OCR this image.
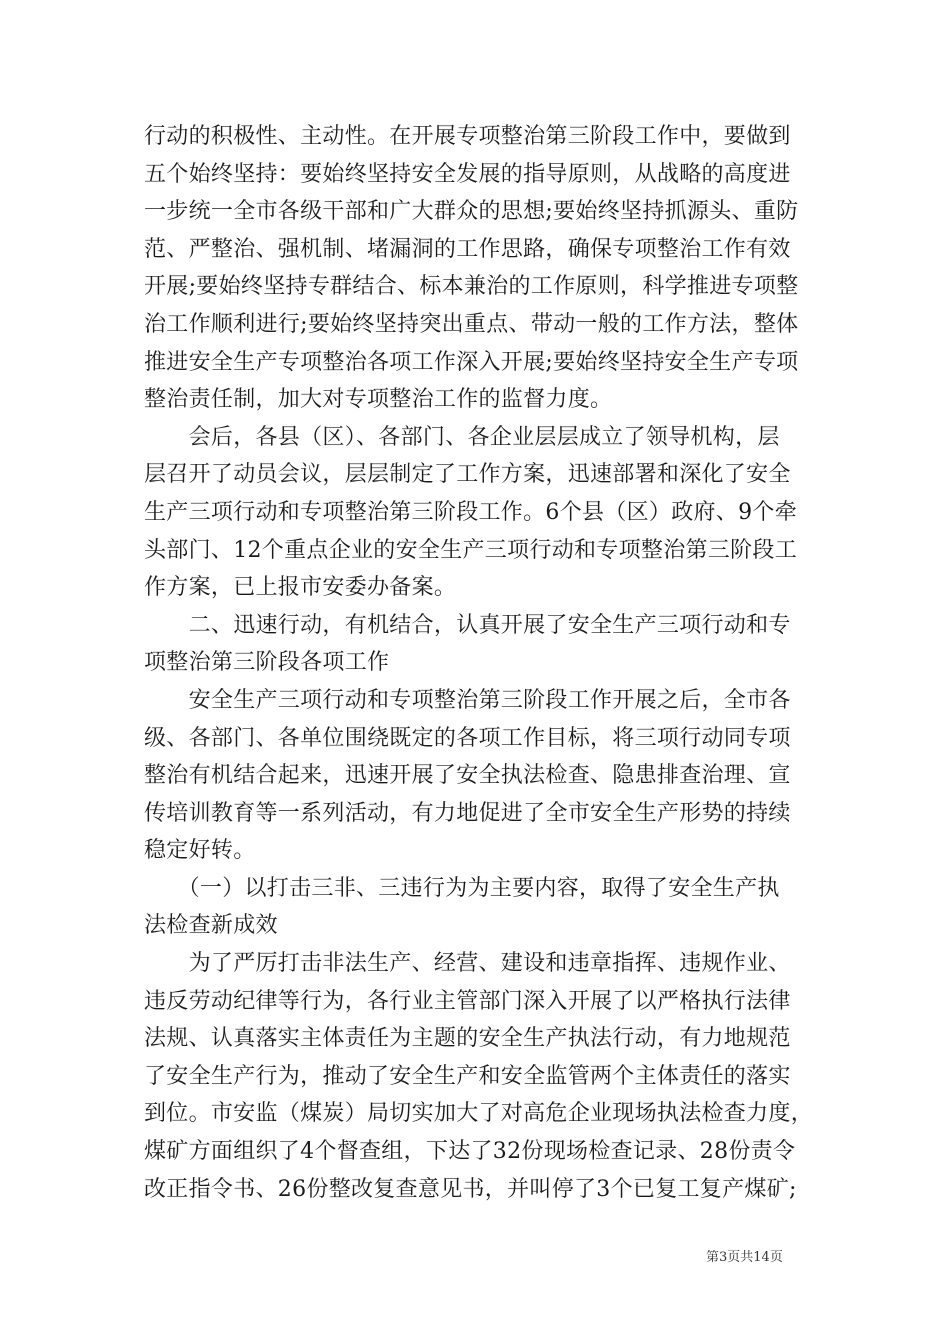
行动的积极性、主动性。在开展专项整治第三阶段工作中，要做到
五个始终坚持：要始终坚持安全发展的指导原则，从战略的高度进
一步统一全市各级干部和广大群众的思想;要始终坚持抓源头、重防
范、严整治、强机制、堵漏洞的工作思路，确保专项整治工作有效
开展;要始终坚持专群结合、标本兼治的工作原则，科学推进专项整
治工作顺利进行;要始终坚持突出重点、带动一般的工作方法，整体
推进安全生产专项整治各项工作深入开展;要始终坚持安全生产专项
整治责任制，加大对专项整治工作的监督力度。
　　会后，各县（区）、各部门、各企业层层成立了领导机构，层
层召开了动员会议，层层制定了工作方案，迅速部署和深化了安全
生产三项行动和专项整治第三阶段工作。6个县（区）政府、9个牵
头部门、12个重点企业的安全生产三项行动和专项整治第三阶段工
作方案，已上报市安委办备案。
　　二、迅速行动，有机结合，认真开展了安全生产三项行动和专
项整治第三阶段各项工作
　　安全生产三项行动和专项整治第三阶段工作开展之后，全市各
级、各部门、各单位围绕既定的各项工作目标，将三项行动同专项
整治有机结合起来，迅速开展了安全执法检查、隐患排查治理、宣
传培训教育等一系列活动，有力地促进了全市安全生产形势的持续
稳定好转。
　　（一）以打击三非、三违行为为主要内容，取得了安全生产执
法检查新成效
　　为了严厉打击非法生产、经营、建设和违章指挥、违规作业、
违反劳动纪律等行为，各行业主管部门深入开展了以严格执行法律
法规、认真落实主体责任为主题的安全生产执法行动，有力地规范
了安全生产行为，推动了安全生产和安全监管两个主体责任的落实
到位。市安监（煤炭）局切实加大了对高危企业现场执法检查力度，
煤矿方面组织了4个督查组，下达了32份现场检查记录、28份责令
改正指令书、26份整改复查意见书，并叫停了3个已复工复产煤矿;
第3页共14页
